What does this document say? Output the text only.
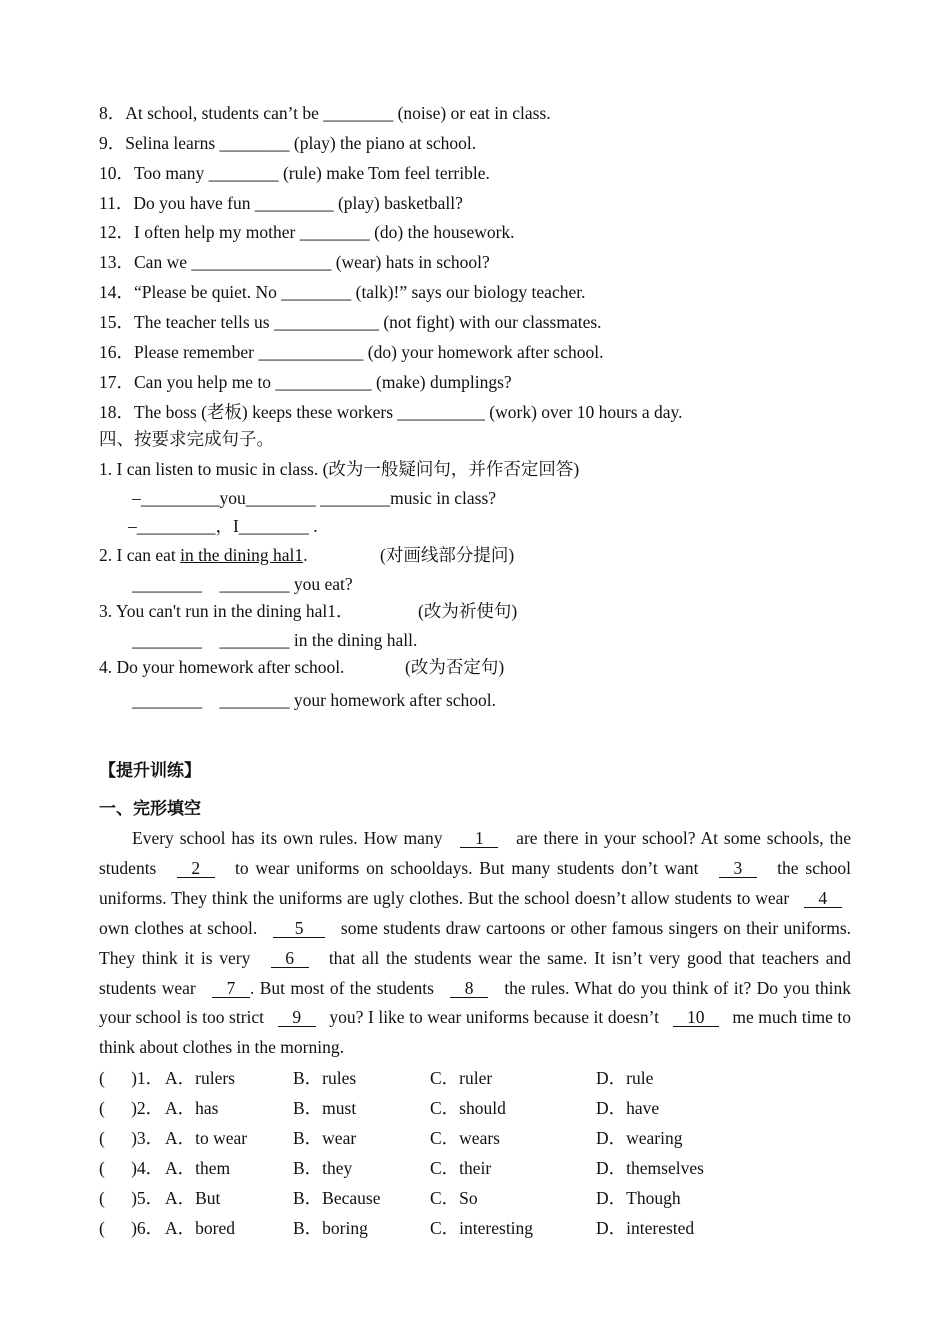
8．At school, students can’t be ________ (noise) or eat in class.
9．Selina learns ________ (play) the piano at school.
10．Too many ________ (rule) make Tom feel terrible.
11．Do you have fun _________ (play) basketball?
12．I often help my mother ________ (do) the housework.
13．Can we ________________ (wear) hats in school?
14．“Please be quiet. No ________ (talk)!” says our biology teacher.
15．The teacher tells us ____________ (not fight) with our classmates.
16．Please remember ____________ (do) your homework after school.
17．Can you help me to ___________ (make) dumplings?
18．The boss (老板) keeps these workers __________ (work) over 10 hours a day.
四、按要求完成句子。
1. I can listen to music in class. (改为一般疑问句，并作否定回答)
–_________you________ ________music in class?
–_________，I________ .
2. I can eat in the dining hal1.	(对画线部分提问)
________    ________ you eat?
3. You can't run in the dining hal1．	(改为祈使句)
________    ________ in the dining hall.
4. Do your homework after school.	(改为否定句)
________    ________ your homework after school.
【提升训练】
一、完形填空

Every school has its own rules. How many 1 are there in your school? At some schools, the students 2 to wear uniforms on schooldays. But many students don’t want 3 the school uniforms. They think the uniforms are ugly clothes. But the school doesn’t allow students to wear 4   own clothes at school. 5 some students draw cartoons or other famous singers on their uniforms. They think it is very 6 that all the students wear the same. It isn’t very good that teachers and students wear 7 . But most of the students 8 the rules. What do you think of it? Do you think your school is too strict 9 you? I like to wear uniforms because it doesn’t 10 me much time to think about clothes in the morning.

(      )1． A．rulers	B．rules	C．ruler	D．rule
(      )2． A．has	B．must	C．should	D．have
(      )3． A．to wear	B．wear	C．wears	D．wearing
(      )4． A．them	B．they	C．their	D．themselves
(      )5． A．But	B．Because	C．So	D．Though
(      )6． A．bored	B．boring	C．interesting	D．interested
